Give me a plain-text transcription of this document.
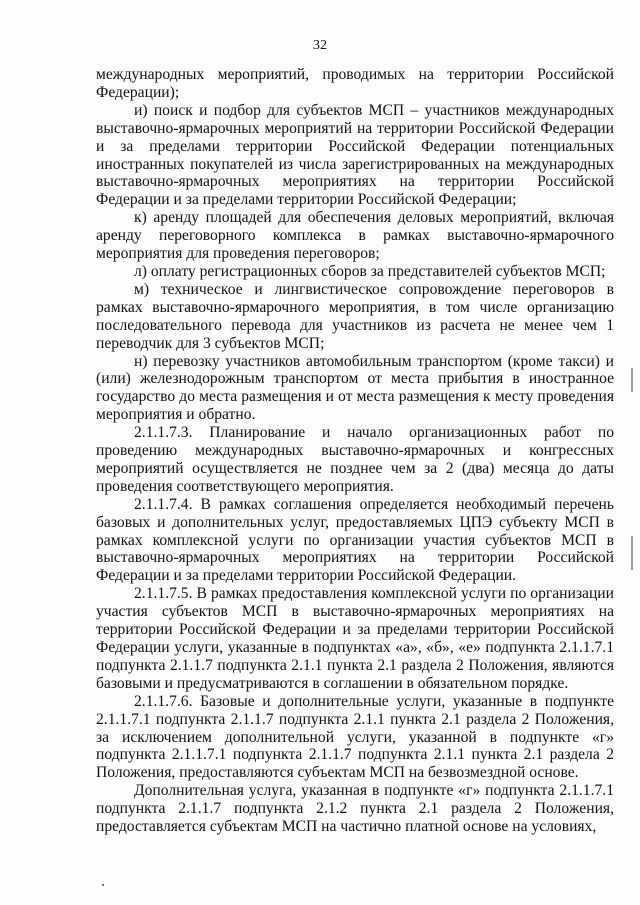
32

международных мероприятий, проводимых на территории Российской Федерации);

и) поиск и подбор для субъектов МСП – участников международных выставочно-ярмарочных мероприятий на территории Российской Федерации и за пределами территории Российской Федерации потенциальных иностранных покупателей из числа зарегистрированных на международных выставочно-ярмарочных мероприятиях на территории Российской Федерации и за пределами территории Российской Федерации;

к) аренду площадей для обеспечения деловых мероприятий, включая аренду переговорного комплекса в рамках выставочно-ярмарочного мероприятия для проведения переговоров;

л) оплату регистрационных сборов за представителей субъектов МСП;

м) техническое и лингвистическое сопровождение переговоров в рамках выставочно-ярмарочного мероприятия, в том числе организацию последовательного перевода для участников из расчета не менее чем 1 переводчик для 3 субъектов МСП;

н) перевозку участников автомобильным транспортом (кроме такси) и (или) железнодорожным транспортом от места прибытия в иностранное государство до места размещения и от места размещения к месту проведения мероприятия и обратно.

2.1.1.7.3. Планирование и начало организационных работ по проведению международных выставочно-ярмарочных и конгрессных мероприятий осуществляется не позднее чем за 2 (два) месяца до даты проведения соответствующего мероприятия.

2.1.1.7.4. В рамках соглашения определяется необходимый перечень базовых и дополнительных услуг, предоставляемых ЦПЭ субъекту МСП в рамках комплексной услуги по организации участия субъектов МСП в выставочно-ярмарочных мероприятиях на территории Российской Федерации и за пределами территории Российской Федерации.

2.1.1.7.5. В рамках предоставления комплексной услуги по организации участия субъектов МСП в выставочно-ярмарочных мероприятиях на территории Российской Федерации и за пределами территории Российской Федерации услуги, указанные в подпунктах «а», «б», «е» подпункта 2.1.1.7.1 подпункта 2.1.1.7 подпункта 2.1.1 пункта 2.1 раздела 2 Положения, являются базовыми и предусматриваются в соглашении в обязательном порядке.

2.1.1.7.6. Базовые и дополнительные услуги, указанные в подпункте 2.1.1.7.1 подпункта 2.1.1.7 подпункта 2.1.1 пункта 2.1 раздела 2 Положения, за исключением дополнительной услуги, указанной в подпункте «г» подпункта 2.1.1.7.1 подпункта 2.1.1.7 подпункта 2.1.1 пункта 2.1 раздела 2 Положения, предоставляются субъектам МСП на безвозмездной основе.

Дополнительная услуга, указанная в подпункте «г» подпункта 2.1.1.7.1 подпункта 2.1.1.7 подпункта 2.1.2 пункта 2.1 раздела 2 Положения, предоставляется субъектам МСП на частично платной основе на условиях,
